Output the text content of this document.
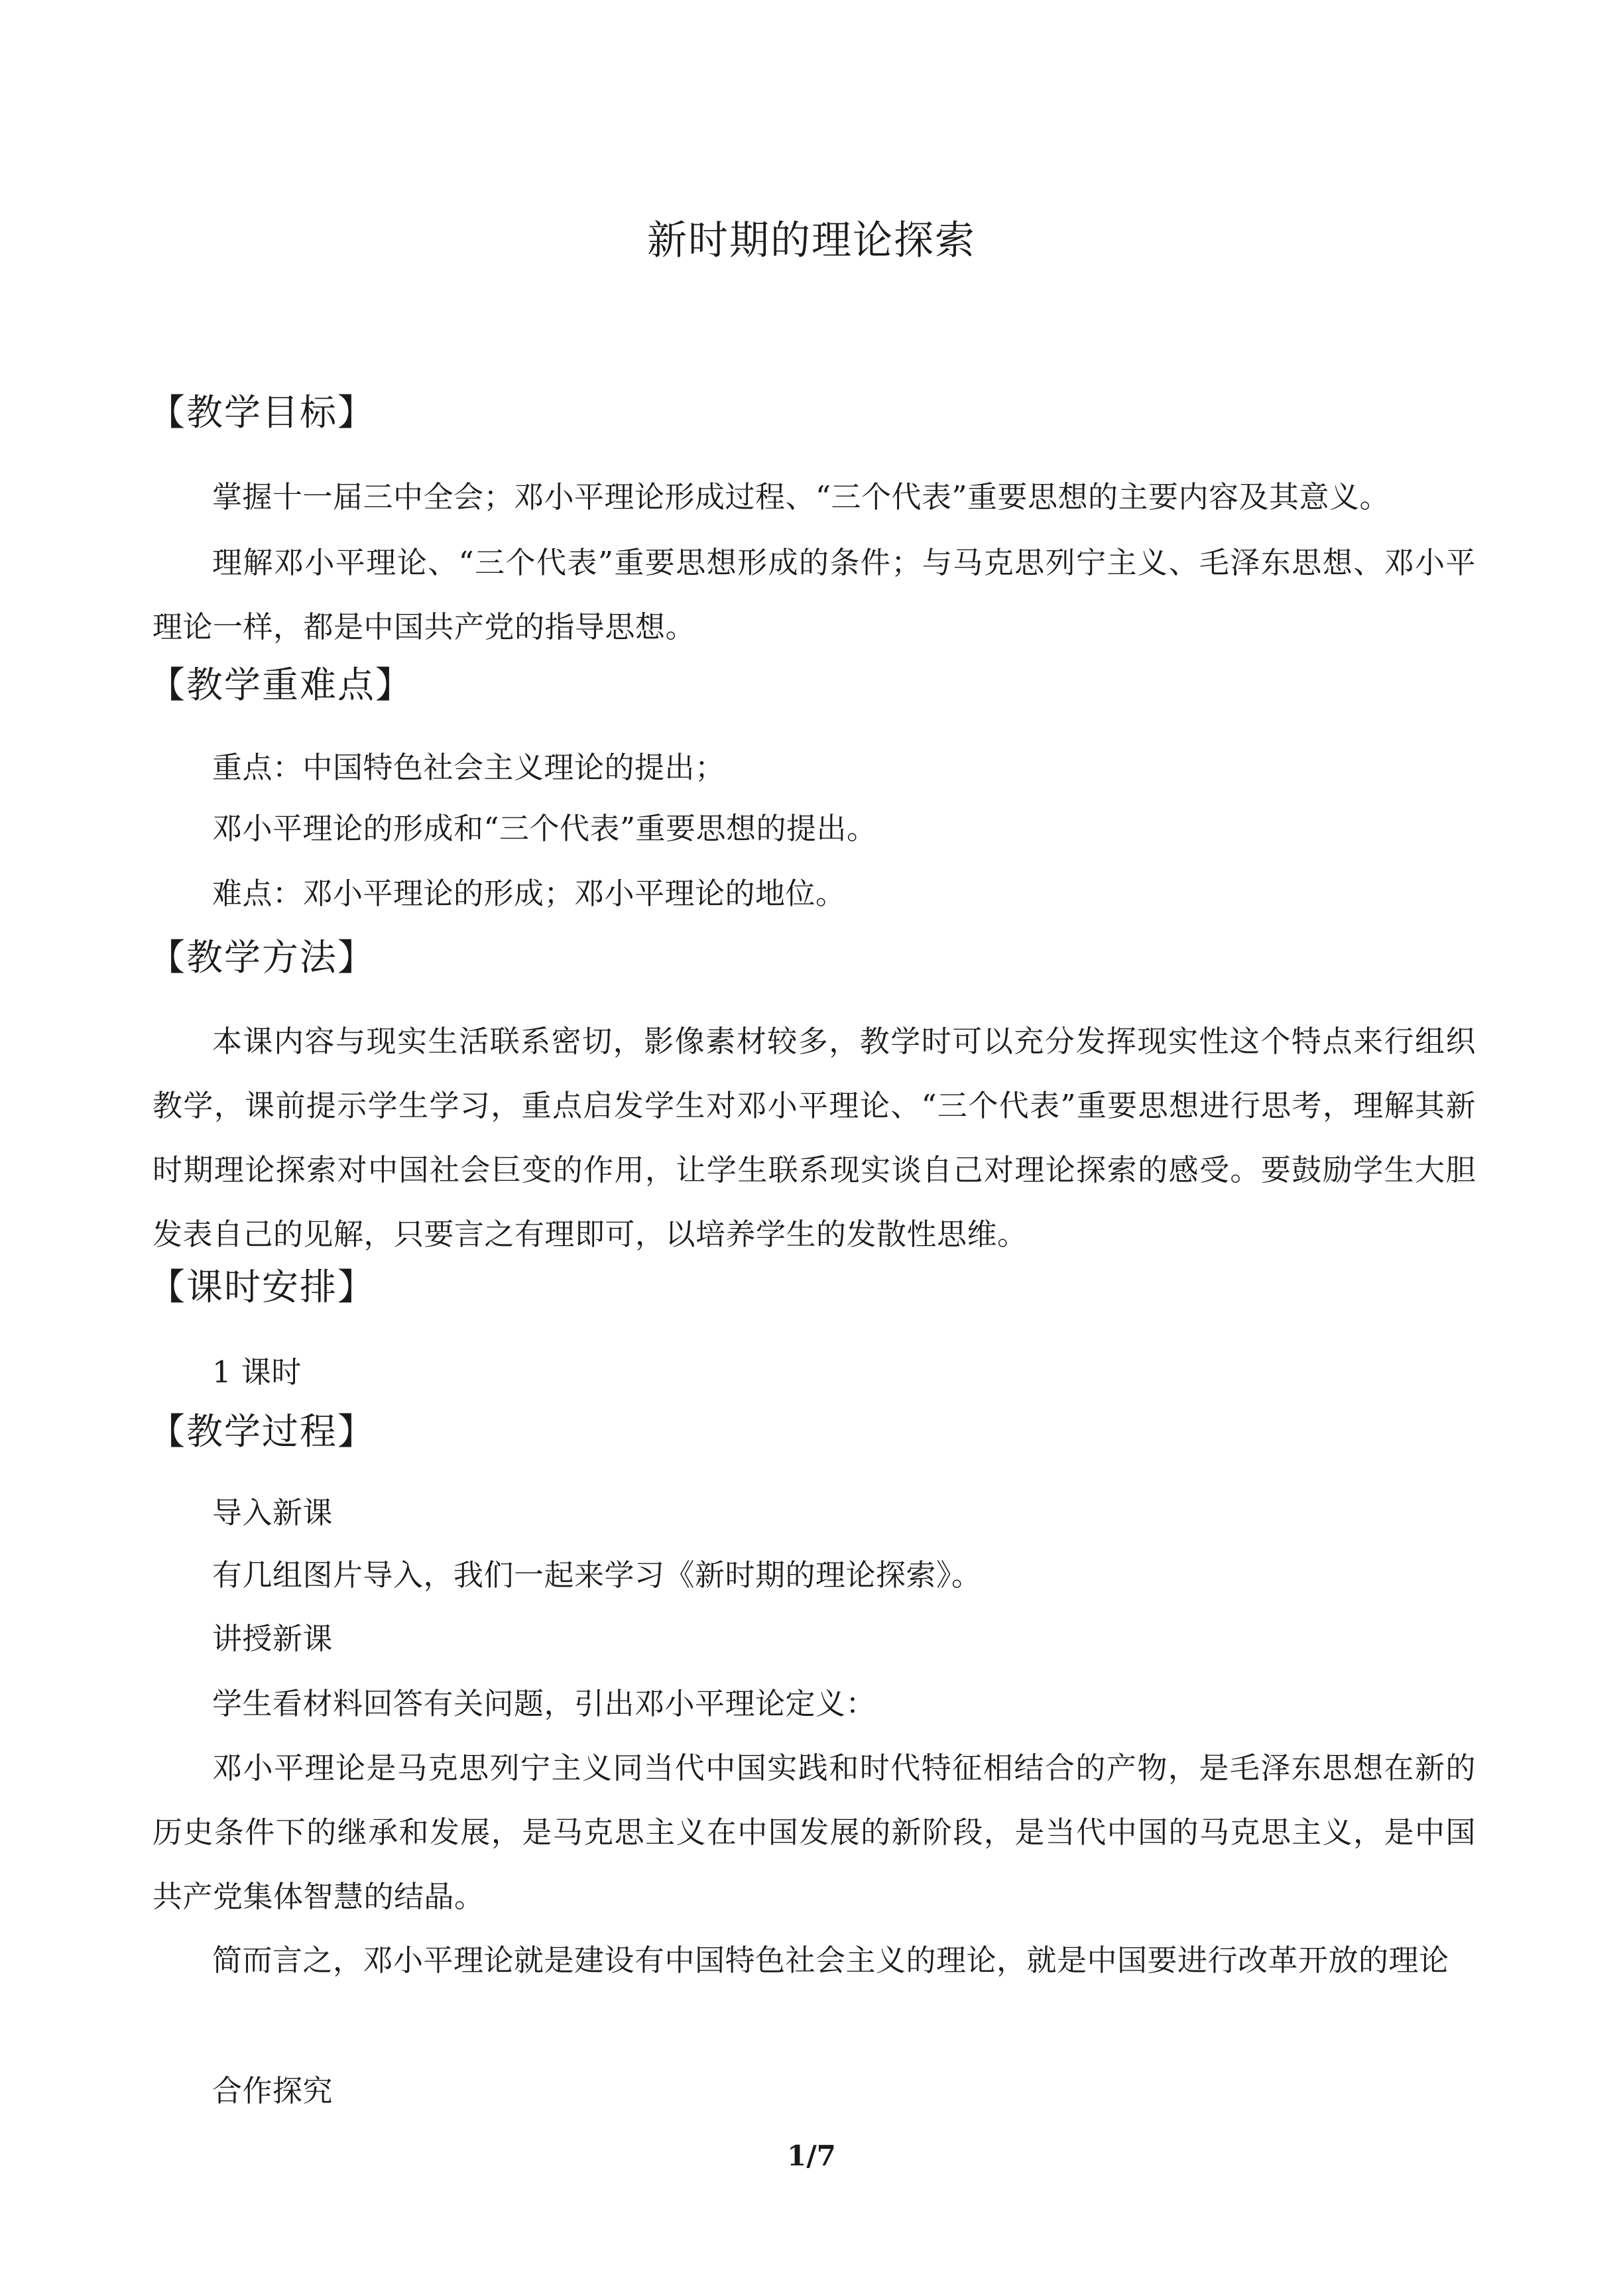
新时期的理论探索
【教学目标】
掌握十一届三中全会；邓小平理论形成过程、“三个代表”重要思想的主要内容及其意义。
理解邓小平理论、“三个代表”重要思想形成的条件；与马克思列宁主义、毛泽东思想、邓小平理论一样，都是中国共产党的指导思想。
【教学重难点】
重点：中国特色社会主义理论的提出；
邓小平理论的形成和“三个代表”重要思想的提出。
难点：邓小平理论的形成；邓小平理论的地位。
【教学方法】
本课内容与现实生活联系密切，影像素材较多，教学时可以充分发挥现实性这个特点来行组织教学，课前提示学生学习，重点启发学生对邓小平理论、“三个代表”重要思想进行思考，理解其新时期理论探索对中国社会巨变的作用，让学生联系现实谈自己对理论探索的感受。要鼓励学生大胆发表自己的见解，只要言之有理即可，以培养学生的发散性思维。
【课时安排】
1 课时
【教学过程】
导入新课
有几组图片导入，我们一起来学习《新时期的理论探索》。
讲授新课
学生看材料回答有关问题，引出邓小平理论定义：
邓小平理论是马克思列宁主义同当代中国实践和时代特征相结合的产物，是毛泽东思想在新的历史条件下的继承和发展，是马克思主义在中国发展的新阶段，是当代中国的马克思主义，是中国共产党集体智慧的结晶。
简而言之，邓小平理论就是建设有中国特色社会主义的理论，就是中国要进行改革开放的理论
合作探究
1/7
